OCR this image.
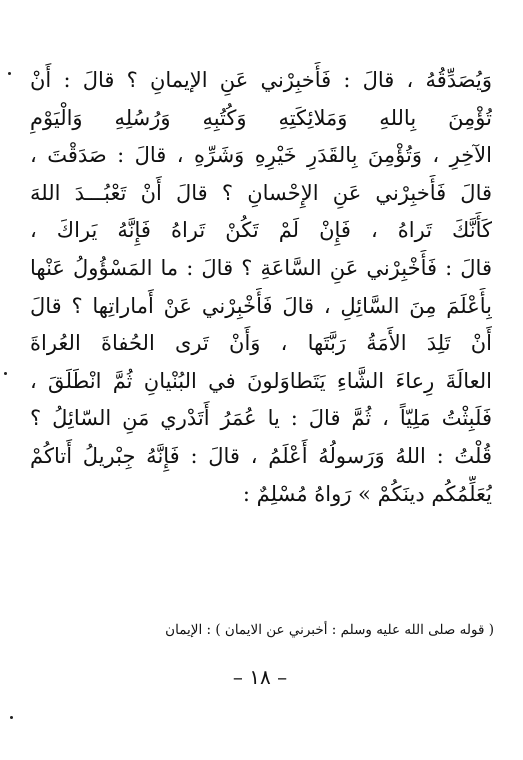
وَيُصَدِّقُهُ ، قالَ : فَأَخبِرْني عَنِ الإيمانِ ؟ قالَ : أَنْ
تُؤْمِنَ بِاللهِ وَمَلائِكَتِهِ وَكُتُبِهِ وَرُسُلِهِ وَالْيَوْمِ
الآخِرِ ، وَتُؤْمِنَ بِالقَدَرِ خَيْرِهِ وَشَرِّهِ ، قالَ : صَدَقْتَ ،
قالَ فَأَخبِرْني عَنِ الإِحْسانِ ؟ قالَ أَنْ تَعْبُـــدَ اللهَ
كَأَنَّكَ تَراهُ ، فَإِنْ لَمْ تَكُنْ تَراهُ فَإِنَّهُ يَراكَ ،
قالَ : فَأَخْبِرْني عَنِ السَّاعَةِ ؟ قالَ : ما المَسْؤُولُ عَنْها
بِأَعْلَمَ مِنَ السَّائِلِ ، قالَ فَأَخْبِرْني عَنْ أَماراتِها ؟ قالَ
أَنْ تَلِدَ الأَمَةُ رَبَّتَها ، وَأَنْ تَرى الحُفاةَ العُراةَ
العالَةَ رِعاءَ الشَّاءِ يَتَطاوَلونَ في البُنْيانِ ثُمَّ انْطَلَقَ ،
فَلَبِثْتُ مَلِيّاً ، ثُمَّ قالَ : يا عُمَرُ أَتَدْري مَنِ السّائِلُ ؟
قُلْتُ : اللهُ وَرَسولُهُ أَعْلَمُ ، قالَ : فَإِنَّهُ جِبْريلُ أَتاكُمْ
يُعَلِّمُكُم دينَكُمْ » رَواهُ مُسْلِمٌ :
( قوله صلى الله عليه وسلم : أخبرني عن الايمان ) : الإيمان
– ١٨ –
